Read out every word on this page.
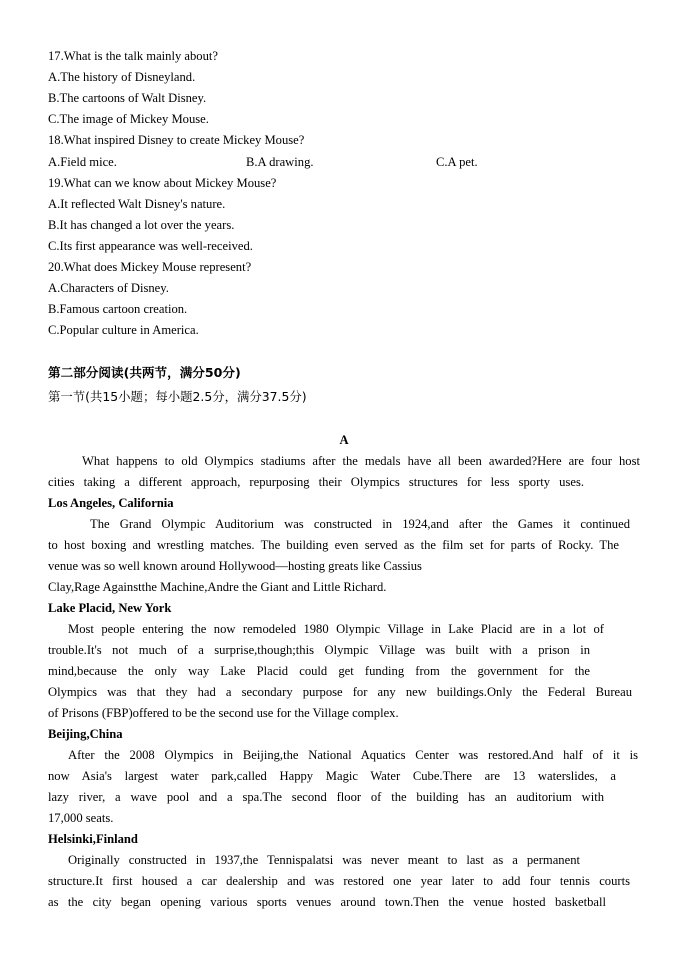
17.What is the talk mainly about?
A.The history of Disneyland.
B.The cartoons of Walt Disney.
C.The image of Mickey Mouse.
18.What inspired Disney to create Mickey Mouse?
A.Field mice.	B.A drawing.	C.A pet.
19.What can we know about Mickey Mouse?
A.It reflected Walt Disney's nature.
B.It has changed a lot over the years.
C.Its first appearance was well-received.
20.What does Mickey Mouse represent?
A.Characters of Disney.
B.Famous cartoon creation.
C.Popular culture in America.
第二部分阅读(共两节，满分50分)
第一节(共15小题；每小题2.5分，满分37.5分)
A
What happens to old Olympics stadiums after the medals have all been awarded?Here are four host
cities taking a different approach, repurposing their Olympics structures for less sporty uses.
Los Angeles, California
The Grand Olympic Auditorium was constructed in 1924,and after the Games it continued
to host boxing and wrestling matches. The building even served as the film set for parts of Rocky. The
venue was so well known around Hollywood—hosting greats like Cassius
Clay,Rage Againstthe Machine,Andre the Giant and Little Richard.
Lake Placid, New York
Most people entering the now remodeled 1980 Olympic Village in Lake Placid are in a lot of
trouble.It's not much of a surprise,though;this Olympic Village was built with a prison in
mind,because the only way Lake Placid could get funding from the government for the
Olympics was that they had a secondary purpose for any new buildings.Only the Federal Bureau
of Prisons (FBP)offered to be the second use for the Village complex.
Beijing,China
After the 2008 Olympics in Beijing,the National Aquatics Center was restored.And half of it is
now Asia's largest water park,called Happy Magic Water Cube.There are 13 waterslides, a
lazy river, a wave pool and a spa.The second floor of the building has an auditorium with
17,000 seats.
Helsinki,Finland
Originally constructed in 1937,the Tennispalatsi was never meant to last as a permanent
structure.It first housed a car dealership and was restored one year later to add four tennis courts
as the city began opening various sports venues around town.Then the venue hosted basketball
